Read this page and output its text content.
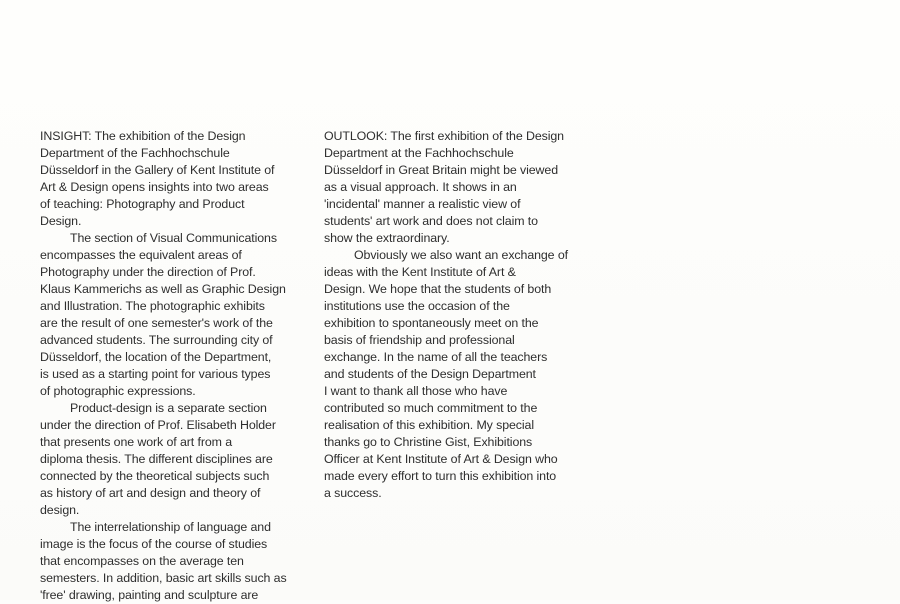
INSIGHT: The exhibition of the Design
Department of the Fachhochschule
Düsseldorf in the Gallery of Kent Institute of
Art & Design opens insights into two areas
of teaching: Photography and Product
Design.
The section of Visual Communications
encompasses the equivalent areas of
Photography under the direction of Prof.
Klaus Kammerichs as well as Graphic Design
and Illustration. The photographic exhibits
are the result of one semester's work of the
advanced students. The surrounding city of
Düsseldorf, the location of the Department,
is used as a starting point for various types
of photographic expressions.
Product-design is a separate section
under the direction of Prof. Elisabeth Holder
that presents one work of art from a
diploma thesis. The different disciplines are
connected by the theoretical subjects such
as history of art and design and theory of
design.
The interrelationship of language and
image is the focus of the course of studies
that encompasses on the average ten
semesters. In addition, basic art skills such as
'free' drawing, painting and sculpture are
OUTLOOK: The first exhibition of the Design
Department at the Fachhochschule
Düsseldorf in Great Britain might be viewed
as a visual approach. It shows in an
'incidental' manner a realistic view of
students' art work and does not claim to
show the extraordinary.
Obviously we also want an exchange of
ideas with the Kent Institute of Art &
Design. We hope that the students of both
institutions use the occasion of the
exhibition to spontaneously meet on the
basis of friendship and professional
exchange. In the name of all the teachers
and students of the Design Department
I want to thank all those who have
contributed so much commitment to the
realisation of this exhibition. My special
thanks go to Christine Gist, Exhibitions
Officer at Kent Institute of Art & Design who
made every effort to turn this exhibition into
a success.
